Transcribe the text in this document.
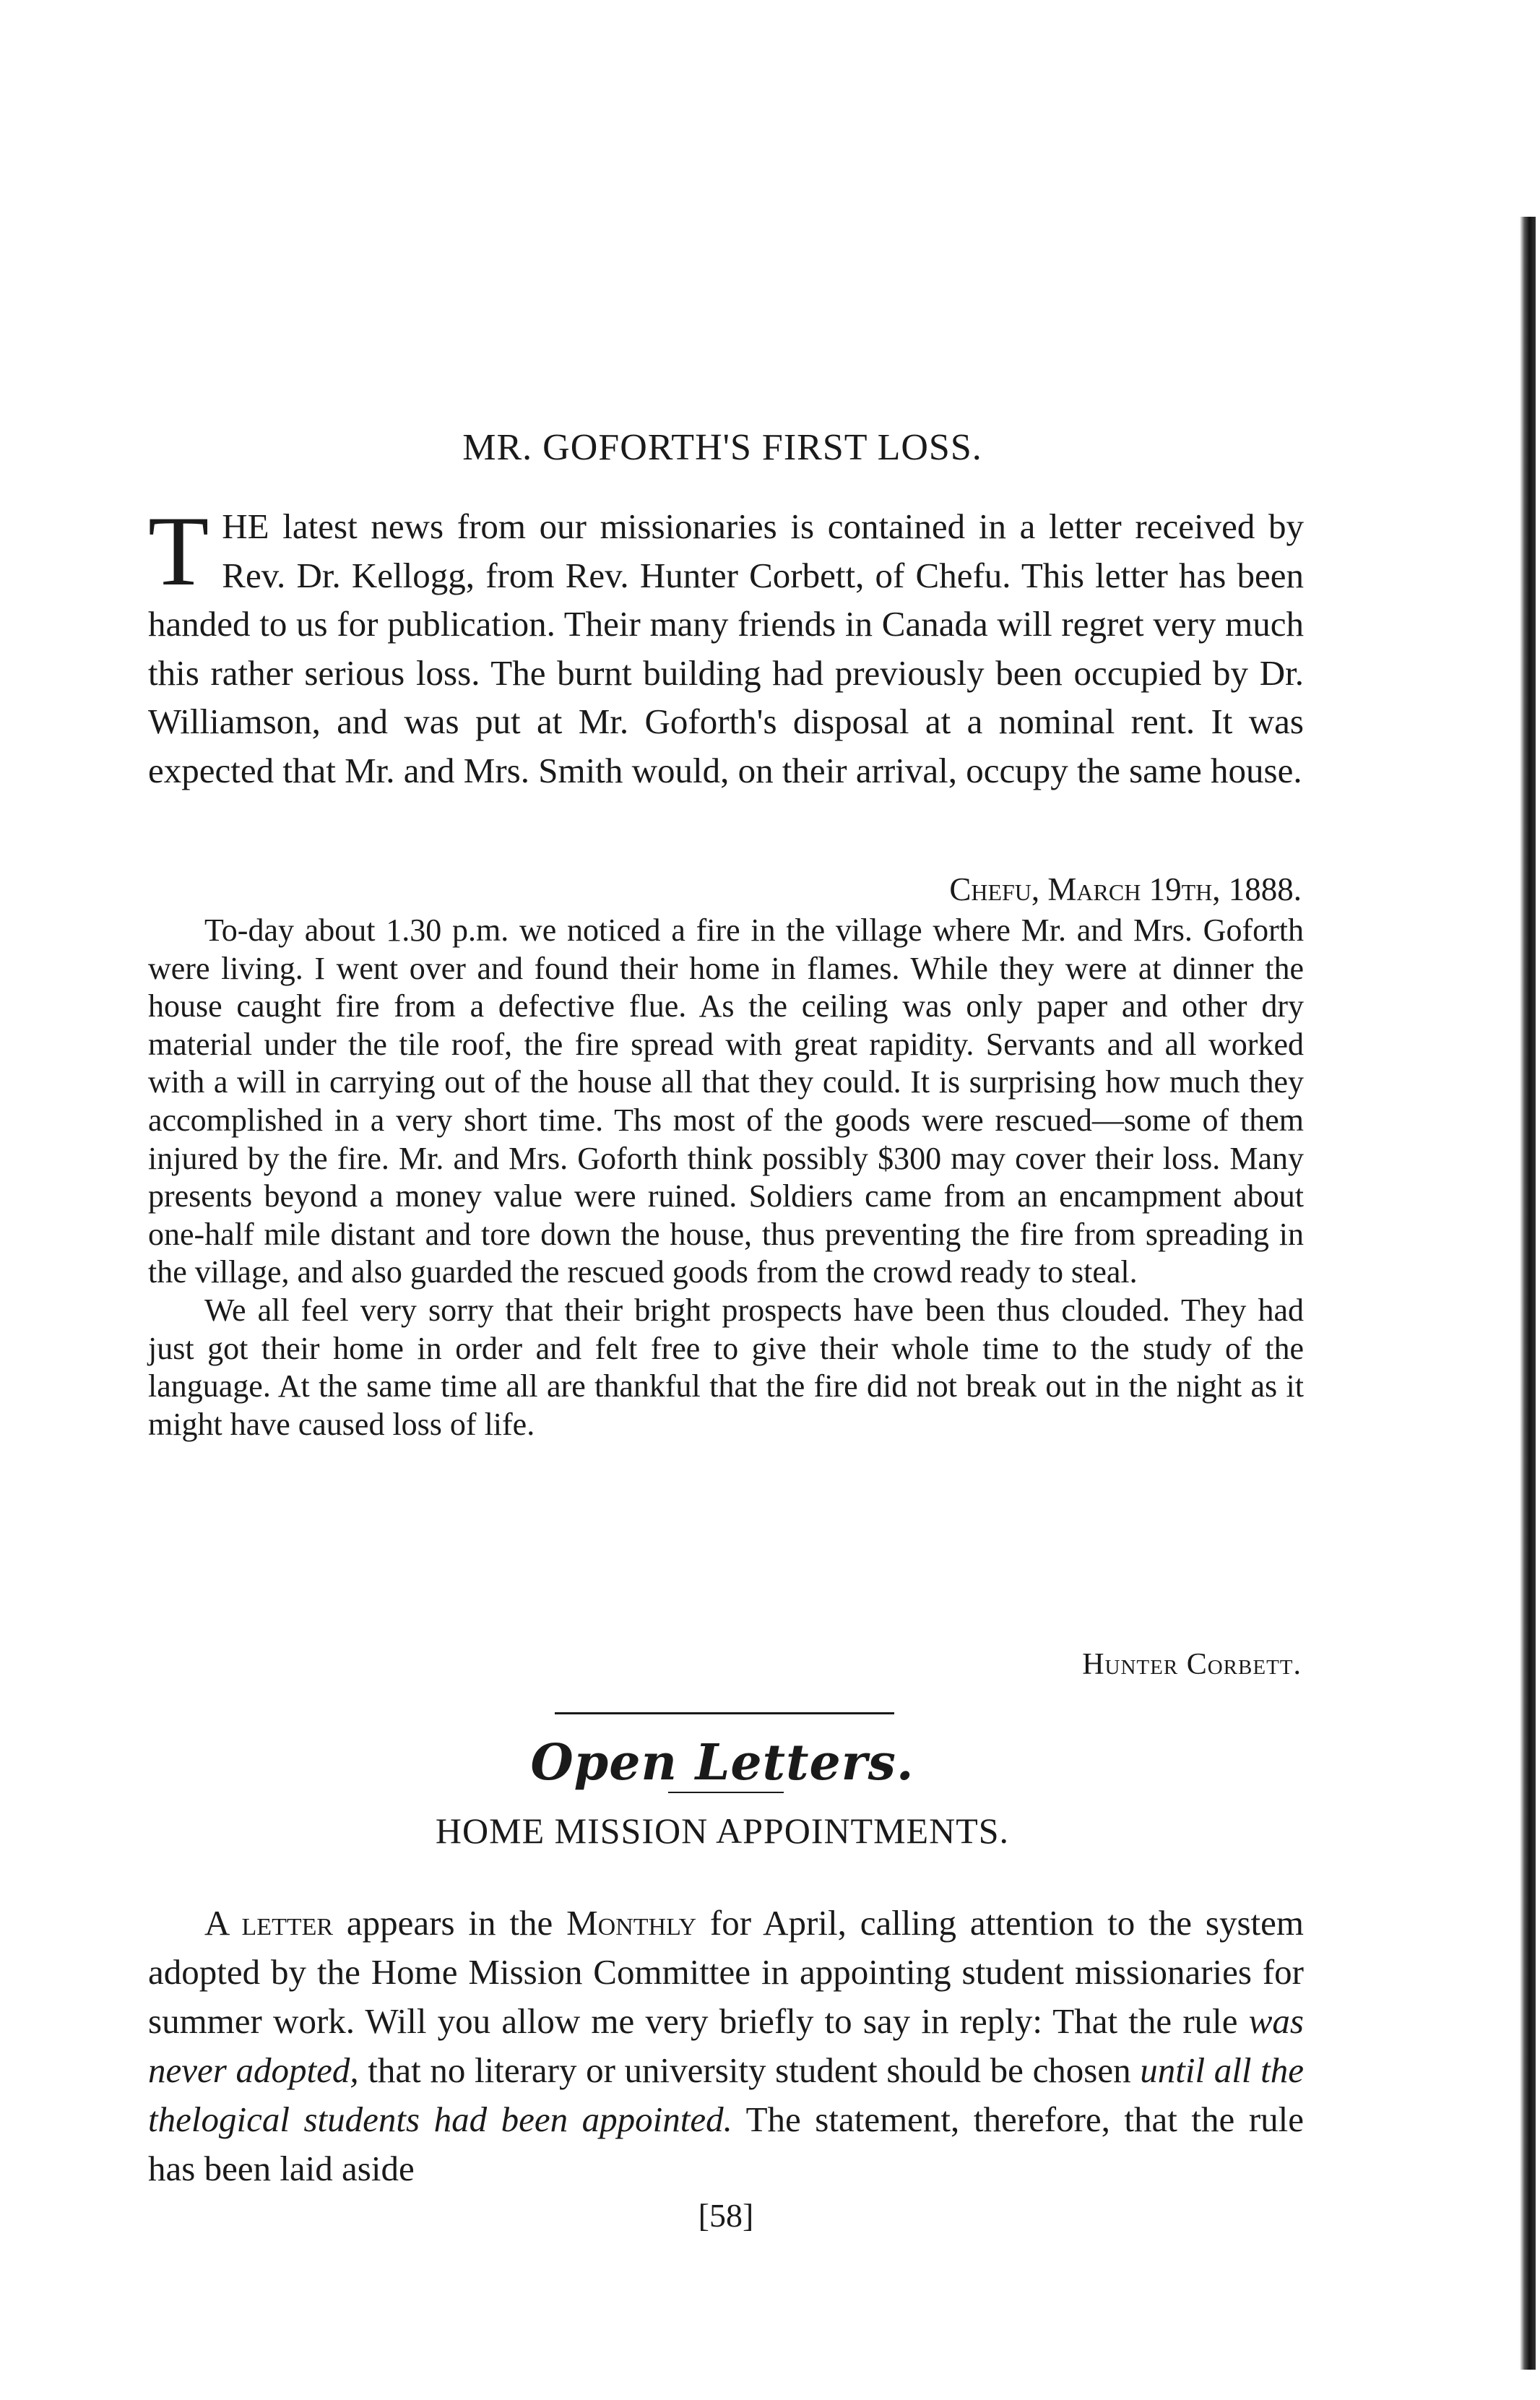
MR. GOFORTH'S FIRST LOSS.
T HE latest news from our missionaries is contained in a letter received by Rev. Dr. Kellogg, from Rev. Hunter Corbett, of Chefu. This letter has been handed to us for publication. Their many friends in Canada will regret very much this rather serious loss. The burnt building had previously been occupied by Dr. Williamson, and was put at Mr. Goforth's disposal at a nominal rent. It was expected that Mr. and Mrs. Smith would, on their arrival, occupy the same house.

Chefu, March 19th, 1888.

To-day about 1.30 p.m. we noticed a fire in the village where Mr. and Mrs. Goforth were living. I went over and found their home in flames. While they were at dinner the house caught fire from a defective flue. As the ceiling was only paper and other dry material under the tile roof, the fire spread with great rapidity. Servants and all worked with a will in carrying out of the house all that they could. It is surprising how much they accomplished in a very short time. Ths most of the goods were rescued—some of them injured by the fire. Mr. and Mrs. Goforth think possibly $300 may cover their loss. Many presents beyond a money value were ruined. Soldiers came from an encampment about one-half mile distant and tore down the house, thus preventing the fire from spreading in the village, and also guarded the rescued goods from the crowd ready to steal.

We all feel very sorry that their bright prospects have been thus clouded. They had just got their home in order and felt free to give their whole time to the study of the language. At the same time all are thankful that the fire did not break out in the night as it might have caused loss of life.

Hunter Corbett.
Open Letters.
HOME MISSION APPOINTMENTS.

A letter appears in the Monthly for April, calling attention to the system adopted by the Home Mission Committee in appointing student missionaries for summer work. Will you allow me very briefly to say in reply: That the rule was never adopted, that no literary or university student should be chosen until all the thelogical students had been appointed. The statement, therefore, that the rule has been laid aside

[58]
